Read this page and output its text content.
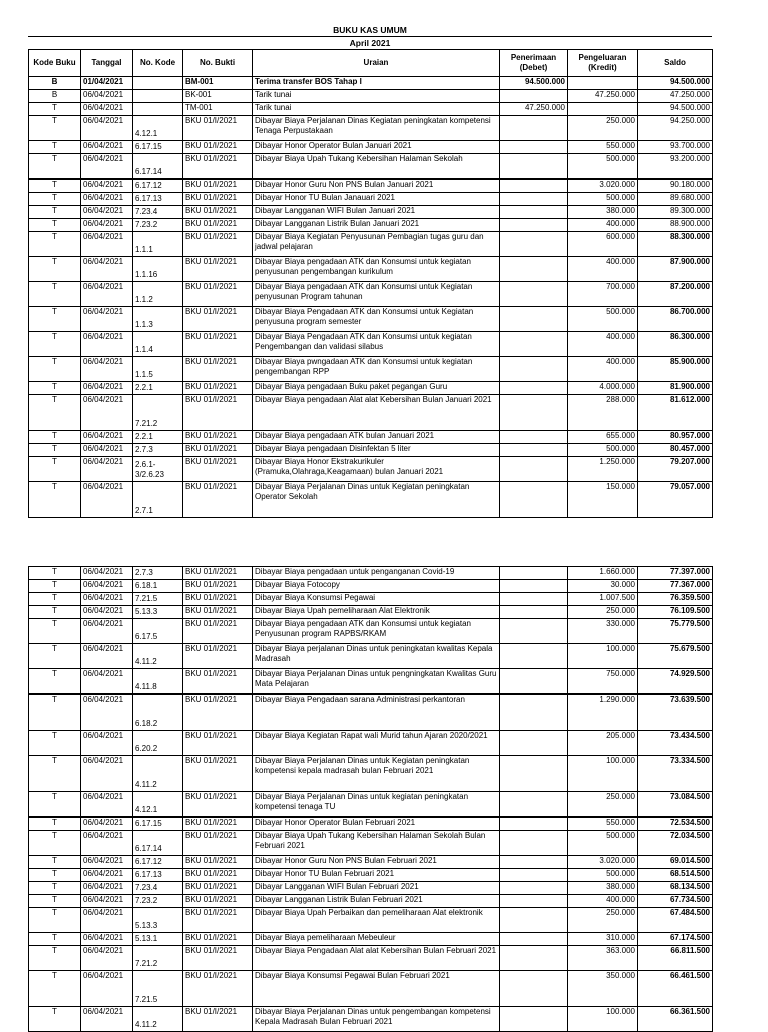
BUKU KAS UMUM
April 2021
Kode Buku	Tanggal	No. Kode	No. Bukti	Uraian	Penerimaan (Debet)	Pengeluaran (Kredit)	Saldo
B	01/04/2021		BM-001	Terima transfer BOS Tahap I	94.500.000		94.500.000
B	06/04/2021		BK-001	Tarik tunai		47.250.000	47.250.000
T	06/04/2021		TM-001	Tarik tunai	47.250.000		94.500.000
T	06/04/2021	4.12.1	BKU 01/I/2021	Dibayar Biaya Perjalanan Dinas Kegiatan peningkatan kompetensi Tenaga Perpustakaan		250.000	94.250.000
T	06/04/2021	6.17.15	BKU 01/I/2021	Dibayar Honor Operator Bulan Januari 2021		550.000	93.700.000
T	06/04/2021	6.17.14	BKU 01/I/2021	Dibayar Biaya Upah Tukang Kebersihan Halaman Sekolah		500.000	93.200.000
T	06/04/2021	6.17.12	BKU 01/I/2021	Dibayar Honor Guru Non PNS Bulan Januari 2021		3.020.000	90.180.000
T	06/04/2021	6.17.13	BKU 01/I/2021	Dibayar Honor TU Bulan Janauari 2021		500.000	89.680.000
T	06/04/2021	7.23.4	BKU 01/I/2021	Dibayar Langganan WIFI Bulan Januari 2021		380.000	89.300.000
T	06/04/2021	7.23.2	BKU 01/I/2021	Dibayar Langganan Listrik Bulan Januari 2021		400.000	88.900.000
T	06/04/2021	1.1.1	BKU 01/I/2021	Dibayar Biaya Kegiatan Penyusunan Pembagian tugas guru dan jadwal pelajaran		600.000	88.300.000
T	06/04/2021	1.1.16	BKU 01/I/2021	Dibayar Biaya pengadaan ATK dan Konsumsi untuk kegiatan penyusunan pengembangan kurikulum		400.000	87.900.000
T	06/04/2021	1.1.2	BKU 01/I/2021	Dibayar Biaya pengadaan ATK dan Konsumsi untuk Kegiatan penyusunan Program tahunan		700.000	87.200.000
T	06/04/2021	1.1.3	BKU 01/I/2021	Dibayar Biaya Pengadaan ATK dan Konsumsi untuk Kegiatan penyusuna program semester		500.000	86.700.000
T	06/04/2021	1.1.4	BKU 01/I/2021	Dibayar Biaya Pengadaan ATK dan Konsumsi untuk kegiatan Pengembangan dan validasi silabus		400.000	86.300.000
T	06/04/2021	1.1.5	BKU 01/I/2021	Dibayar Biaya pwngadaan ATK dan Konsumsi untuk kegiatan pengembangan RPP		400.000	85.900.000
T	06/04/2021	2.2.1	BKU 01/I/2021	Dibayar Biaya pengadaan Buku paket pegangan Guru		4.000.000	81.900.000
T	06/04/2021	7.21.2	BKU 01/I/2021	Dibayar Biaya pengadaan Alat alat Kebersihan Bulan Januari 2021		288.000	81.612.000
T	06/04/2021	2.2.1	BKU 01/I/2021	Dibayar Biaya pengadaan ATK bulan Januari 2021		655.000	80.957.000
T	06/04/2021	2.7.3	BKU 01/I/2021	Dibayar Biaya pengadaan Disinfektan 5 liter		500.000	80.457.000
T	06/04/2021	2.6.1-3/2.6.23	BKU 01/I/2021	Dibayar Biaya Honor Ekstrakurikuler (Pramuka,Olahraga,Keagamaan) bulan Januari 2021		1.250.000	79.207.000
T	06/04/2021	2.7.1	BKU 01/I/2021	Dibayar Biaya Perjalanan Dinas untuk Kegiatan peningkatan Operator Sekolah		150.000	79.057.000
T	06/04/2021	2.7.3	BKU 01/I/2021	Dibayar Biaya pengadaan untuk penganganan Covid-19		1.660.000	77.397.000
T	06/04/2021	6.18.1	BKU 01/I/2021	Dibayar Biaya Fotocopy		30.000	77.367.000
T	06/04/2021	7.21.5	BKU 01/I/2021	Dibayar Biaya Konsumsi Pegawai		1.007.500	76.359.500
T	06/04/2021	5.13.3	BKU 01/I/2021	Dibayar Biaya Upah pemeliharaan Alat Elektronik		250.000	76.109.500
T	06/04/2021	6.17.5	BKU 01/I/2021	Dibayar Biaya pengadaan ATK dan Konsumsi untuk kegiatan Penyusunan program RAPBS/RKAM		330.000	75.779.500
T	06/04/2021	4.11.2	BKU 01/I/2021	Dibayar Biaya perjalanan Dinas untuk peningkatan kwalitas Kepala Madrasah		100.000	75.679.500
T	06/04/2021	4.11.8	BKU 01/I/2021	Dibayar Biaya Perjalanan Dinas untuk pengningkatan Kwalitas Guru Mata Pelajaran		750.000	74.929.500
T	06/04/2021	6.18.2	BKU 01/I/2021	Dibayar Biaya Pengadaan sarana Administrasi perkantoran		1.290.000	73.639.500
T	06/04/2021	6.20.2	BKU 01/I/2021	Dibayar Biaya Kegiatan Rapat wali Murid tahun Ajaran 2020/2021		205.000	73.434.500
T	06/04/2021	4.11.2	BKU 01/I/2021	Dibayar Biaya Perjalanan Dinas untuk Kegiatan peningkatan kompetensi kepala madrasah bulan Februari 2021		100.000	73.334.500
T	06/04/2021	4.12.1	BKU 01/I/2021	Dibayar Biaya Perjalanan Dinas untuk kegiatan peningkatan kompetensi tenaga TU		250.000	73.084.500
T	06/04/2021	6.17.15	BKU 01/I/2021	Dibayar Honor Operator Bulan Februari 2021		550.000	72.534.500
T	06/04/2021	6.17.14	BKU 01/I/2021	Dibayar Biaya Upah Tukang Kebersihan Halaman Sekolah Bulan Februari 2021		500.000	72.034.500
T	06/04/2021	6.17.12	BKU 01/I/2021	Dibayar Honor Guru Non PNS Bulan Februari 2021		3.020.000	69.014.500
T	06/04/2021	6.17.13	BKU 01/I/2021	Dibayar Honor TU Bulan Februari 2021		500.000	68.514.500
T	06/04/2021	7.23.4	BKU 01/I/2021	Dibayar Langganan WIFI Bulan Februari 2021		380.000	68.134.500
T	06/04/2021	7.23.2	BKU 01/I/2021	Dibayar Langganan Listrik Bulan Februari 2021		400.000	67.734.500
T	06/04/2021	5.13.3	BKU 01/I/2021	Dibayar Biaya Upah Perbaikan dan pemeliharaan Alat elektronik		250.000	67.484.500
T	06/04/2021	5.13.1	BKU 01/I/2021	Dibayar Biaya pemeliharaan Mebeuleur		310.000	67.174.500
T	06/04/2021	7.21.2	BKU 01/I/2021	Dibayar Biaya Pengadaan Alat alat Kebersihan Bulan Februari 2021		363.000	66.811.500
T	06/04/2021	7.21.5	BKU 01/I/2021	Dibayar Biaya Konsumsi Pegawai Bulan Februari 2021		350.000	66.461.500
T	06/04/2021	4.11.2	BKU 01/I/2021	Dibayar Biaya Perjalanan Dinas untuk pengembangan kompetensi Kepala Madrasah Bulan Februari 2021		100.000	66.361.500
